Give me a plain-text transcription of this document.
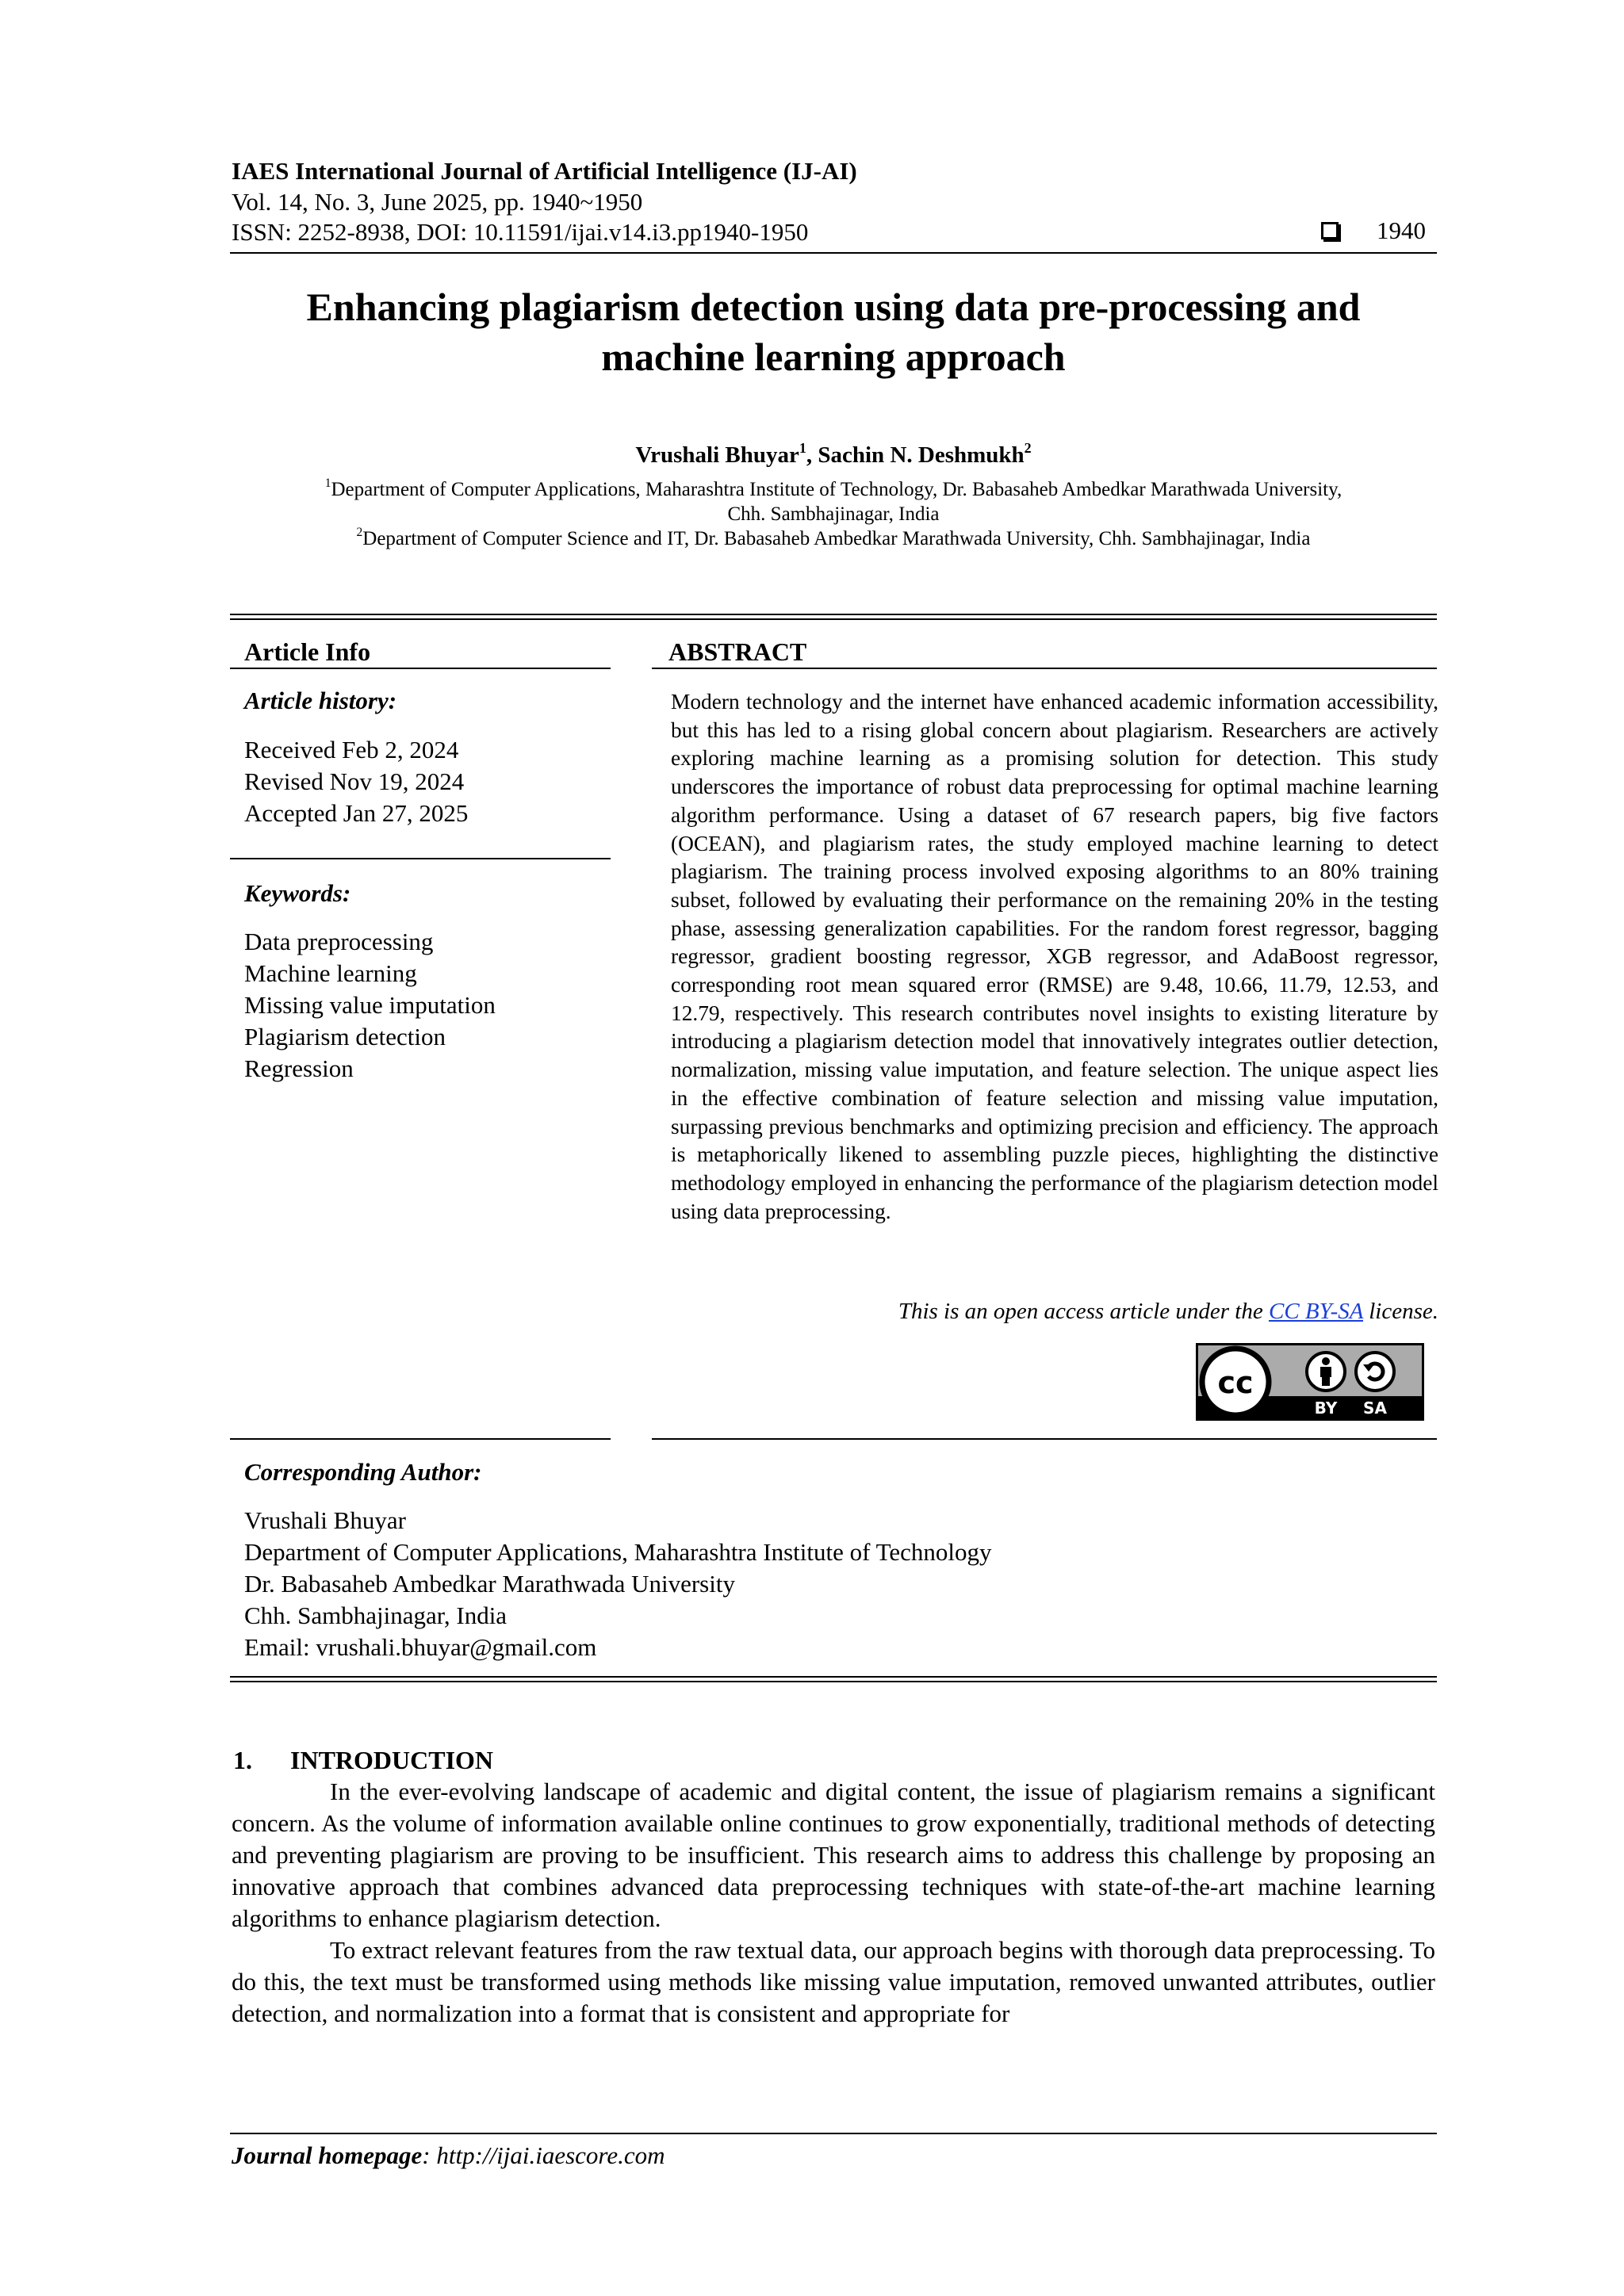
IAES International Journal of Artificial Intelligence (IJ-AI)
Vol. 14, No. 3, June 2025, pp. 1940~1950
ISSN: 2252-8938, DOI: 10.11591/ijai.v14.i3.pp1940-1950	1940
Enhancing plagiarism detection using data pre-processing and
machine learning approach
Vrushali Bhuyar$^1$, Sachin N. Deshmukh$^2$
$^1$Department of Computer Applications, Maharashtra Institute of Technology, Dr. Babasaheb Ambedkar Marathwada University,
Chh. Sambhajinagar, India
$^2$Department of Computer Science and IT, Dr. Babasaheb Ambedkar Marathwada University, Chh. Sambhajinagar, India
Article Info
Article history:
Received Feb 2, 2024
Revised Nov 19, 2024
Accepted Jan 27, 2025
Keywords:
Data preprocessing
Machine learning
Missing value imputation
Plagiarism detection
Regression
ABSTRACT
Modern technology and the internet have enhanced academic information accessibility, but this has led to a rising global concern about plagiarism. Researchers are actively exploring machine learning as a promising solution for detection. This study underscores the importance of robust data preprocessing for optimal machine learning algorithm performance. Using a dataset of 67 research papers, big five factors (OCEAN), and plagiarism rates, the study employed machine learning to detect plagiarism. The training process involved exposing algorithms to an 80% training subset, followed by evaluating their performance on the remaining 20% in the testing phase, assessing generalization capabilities. For the random forest regressor, bagging regressor, gradient boosting regressor, XGB regressor, and AdaBoost regressor, corresponding root mean squared error (RMSE) are 9.48, 10.66, 11.79, 12.53, and 12.79, respectively. This research contributes novel insights to existing literature by introducing a plagiarism detection model that innovatively integrates outlier detection, normalization, missing value imputation, and feature selection. The unique aspect lies in the effective combination of feature selection and missing value imputation, surpassing previous benchmarks and optimizing precision and efficiency. The approach is metaphorically likened to assembling puzzle pieces, highlighting the distinctive methodology employed in enhancing the performance of the plagiarism detection model using data preprocessing.
This is an open access article under the CC BY-SA license.
cc
BY SA
Corresponding Author:
Vrushali Bhuyar
Department of Computer Applications, Maharashtra Institute of Technology
Dr. Babasaheb Ambedkar Marathwada University
Chh. Sambhajinagar, India
Email: vrushali.bhuyar@gmail.com
1. INTRODUCTION
In the ever-evolving landscape of academic and digital content, the issue of plagiarism remains a significant concern. As the volume of information available online continues to grow exponentially, traditional methods of detecting and preventing plagiarism are proving to be insufficient. This research aims to address this challenge by proposing an innovative approach that combines advanced data preprocessing techniques with state-of-the-art machine learning algorithms to enhance plagiarism detection.
To extract relevant features from the raw textual data, our approach begins with thorough data preprocessing. To do this, the text must be transformed using methods like missing value imputation, removed unwanted attributes, outlier detection, and normalization into a format that is consistent and appropriate for
Journal homepage: http://ijai.iaescore.com
